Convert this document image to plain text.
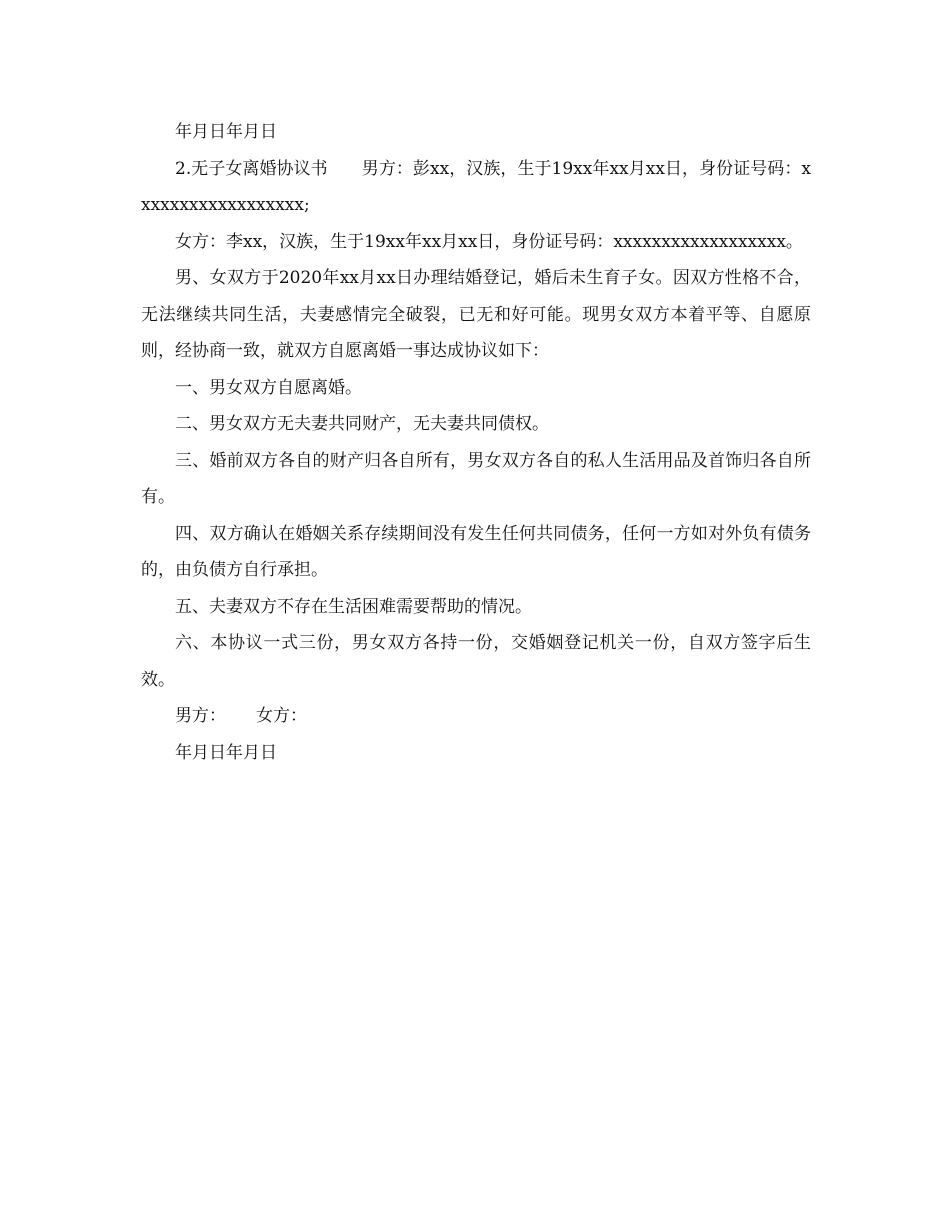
年月日年月日

2.无子女离婚协议书 男方：彭xx，汉族，生于19xx年xx月xx日，身份证号码：xxxxxxxxxxxxxxxxxx;

女方：李xx，汉族，生于19xx年xx月xx日，身份证号码：xxxxxxxxxxxxxxxxxx。

男、女双方于2020年xx月xx日办理结婚登记，婚后未生育子女。因双方性格不合，无法继续共同生活，夫妻感情完全破裂，已无和好可能。现男女双方本着平等、自愿原则，经协商一致，就双方自愿离婚一事达成协议如下：

一、男女双方自愿离婚。

二、男女双方无夫妻共同财产，无夫妻共同债权。

三、婚前双方各自的财产归各自所有，男女双方各自的私人生活用品及首饰归各自所有。

四、双方确认在婚姻关系存续期间没有发生任何共同债务，任何一方如对外负有债务的，由负债方自行承担。

五、夫妻双方不存在生活困难需要帮助的情况。

六、本协议一式三份，男女双方各持一份，交婚姻登记机关一份，自双方签字后生效。

男方： 女方：

年月日年月日
